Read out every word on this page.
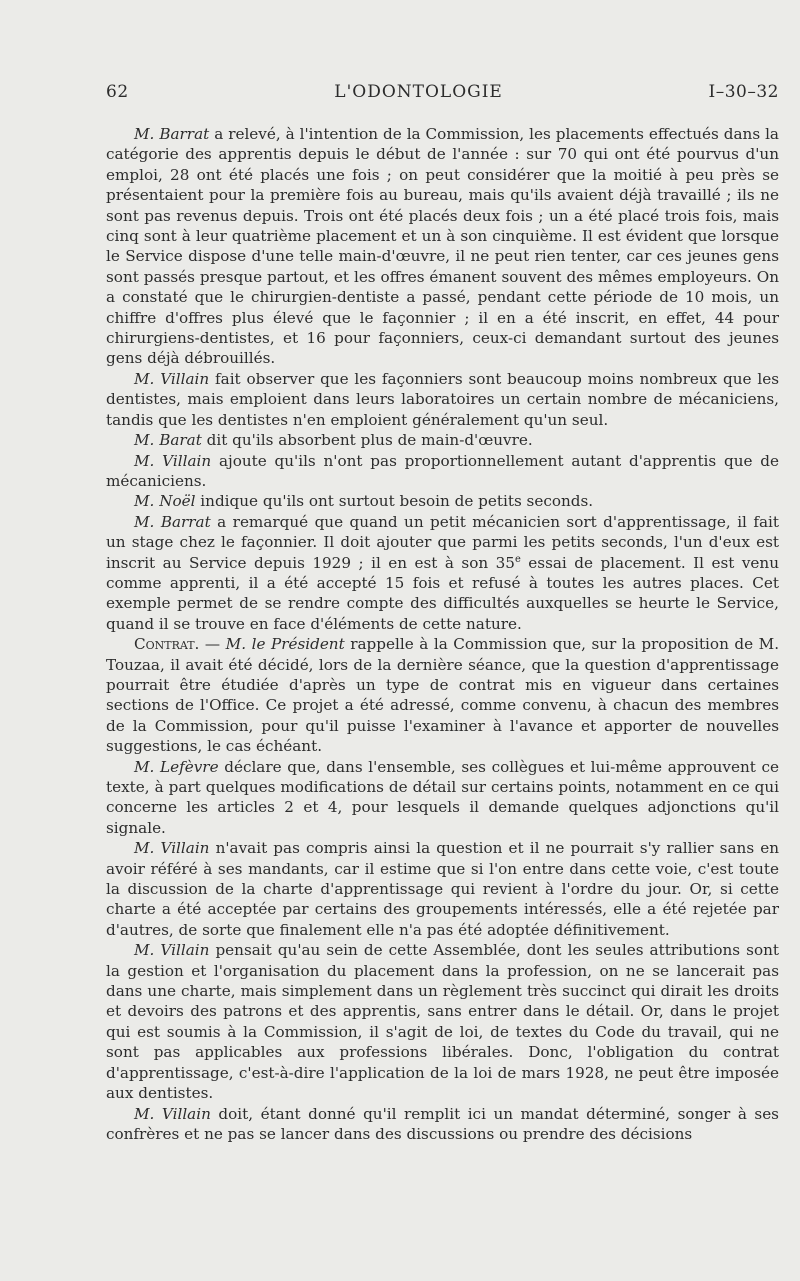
62	L'ODONTOLOGIE	I–30–32

M. Barrat a relevé, à l'intention de la Commission, les placements effectués dans la catégorie des apprentis depuis le début de l'année : sur 70 qui ont été pourvus d'un emploi, 28 ont été placés une fois ; on peut considérer que la moitié à peu près se présentaient pour la première fois au bureau, mais qu'ils avaient déjà travaillé ; ils ne sont pas revenus depuis. Trois ont été placés deux fois ; un a été placé trois fois, mais cinq sont à leur quatrième placement et un à son cinquième. Il est évident que lorsque le Service dispose d'une telle main-d'œuvre, il ne peut rien tenter, car ces jeunes gens sont passés presque partout, et les offres émanent souvent des mêmes employeurs. On a constaté que le chirurgien-dentiste a passé, pendant cette période de 10 mois, un chiffre d'offres plus élevé que le façonnier ; il en a été inscrit, en effet, 44 pour chirurgiens-dentistes, et 16 pour façonniers, ceux-ci demandant surtout des jeunes gens déjà débrouillés.

M. Villain fait observer que les façonniers sont beaucoup moins nombreux que les dentistes, mais emploient dans leurs laboratoires un certain nombre de mécaniciens, tandis que les dentistes n'en emploient généralement qu'un seul.

M. Barat dit qu'ils absorbent plus de main-d'œuvre.

M. Villain ajoute qu'ils n'ont pas proportionnellement autant d'apprentis que de mécaniciens.

M. Noël indique qu'ils ont surtout besoin de petits seconds.

M. Barrat a remarqué que quand un petit mécanicien sort d'apprentissage, il fait un stage chez le façonnier. Il doit ajouter que parmi les petits seconds, l'un d'eux est inscrit au Service depuis 1929 ; il en est à son 35e essai de placement. Il est venu comme apprenti, il a été accepté 15 fois et refusé à toutes les autres places. Cet exemple permet de se rendre compte des difficultés auxquelles se heurte le Service, quand il se trouve en face d'éléments de cette nature.

Contrat. — M. le Président rappelle à la Commission que, sur la proposition de M. Touzaa, il avait été décidé, lors de la dernière séance, que la question d'apprentissage pourrait être étudiée d'après un type de contrat mis en vigueur dans certaines sections de l'Office. Ce projet a été adressé, comme convenu, à chacun des membres de la Commission, pour qu'il puisse l'examiner à l'avance et apporter de nouvelles suggestions, le cas échéant.

M. Lefèvre déclare que, dans l'ensemble, ses collègues et lui-même approuvent ce texte, à part quelques modifications de détail sur certains points, notamment en ce qui concerne les articles 2 et 4, pour lesquels il demande quelques adjonctions qu'il signale.

M. Villain n'avait pas compris ainsi la question et il ne pourrait s'y rallier sans en avoir référé à ses mandants, car il estime que si l'on entre dans cette voie, c'est toute la discussion de la charte d'apprentissage qui revient à l'ordre du jour. Or, si cette charte a été acceptée par certains des groupements intéressés, elle a été rejetée par d'autres, de sorte que finalement elle n'a pas été adoptée définitivement.

M. Villain pensait qu'au sein de cette Assemblée, dont les seules attributions sont la gestion et l'organisation du placement dans la profession, on ne se lancerait pas dans une charte, mais simplement dans un règlement très succinct qui dirait les droits et devoirs des patrons et des apprentis, sans entrer dans le détail. Or, dans le projet qui est soumis à la Commission, il s'agit de loi, de textes du Code du travail, qui ne sont pas applicables aux professions libérales. Donc, l'obligation du contrat d'apprentissage, c'est-à-dire l'application de la loi de mars 1928, ne peut être imposée aux dentistes.

M. Villain doit, étant donné qu'il remplit ici un mandat déterminé, songer à ses confrères et ne pas se lancer dans des discussions ou prendre des décisions
